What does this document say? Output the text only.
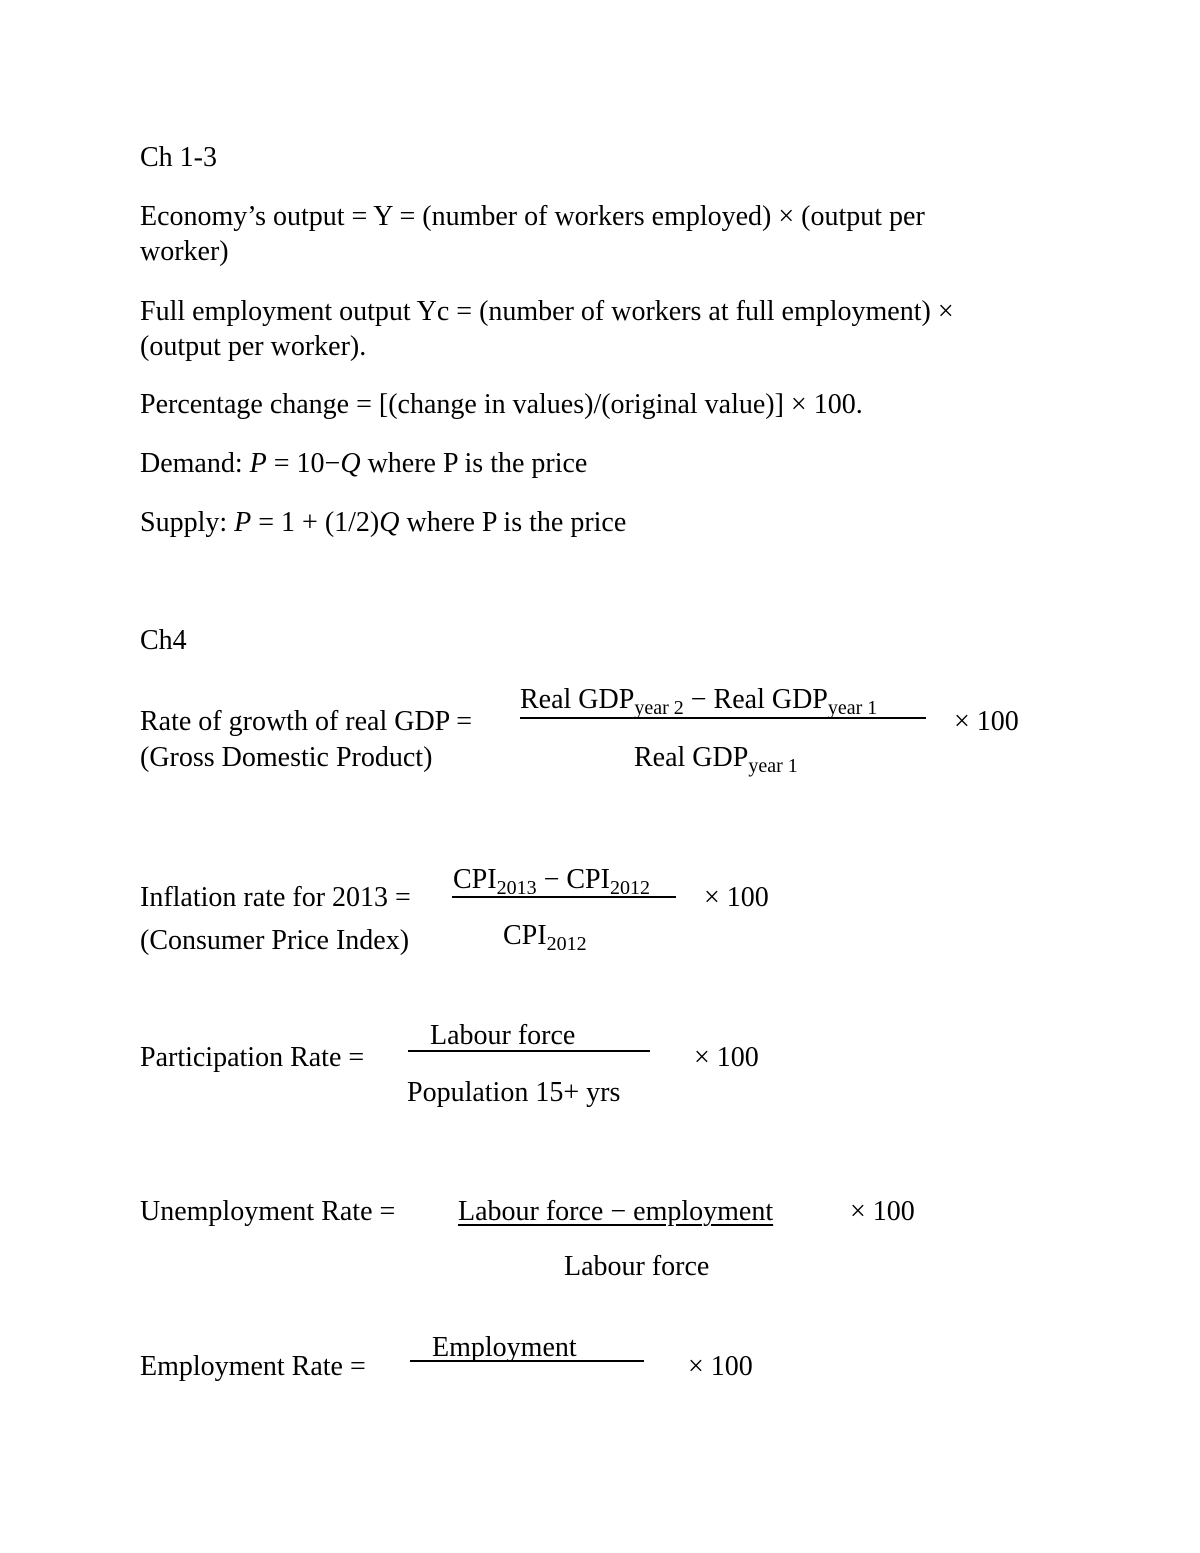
Ch 1-3
Economy’s output = Y = (number of workers employed) × (output per
worker)
Full employment output Yc = (number of workers at full employment) ×
(output per worker).
Percentage change = [(change in values)/(original value)] × 100.
Demand: P = 10−Q where P is the price
Supply: P = 1 + (1/2)Q where P is the price
Ch4
Rate of growth of real GDP =
(Gross Domestic Product)
Real $GDP_{year 2}$ − Real $GDP_{year 1}$
Real $GDP_{year 1}$
× 100
Inflation rate for 2013 =
(Consumer Price Index)
$CPI_{2013} - CPI_{2012}$
$CPI_{2012}$
× 100
Participation Rate =
Labour force
Population 15+ yrs
× 100
Unemployment Rate = Labour force − employment
Labour force
× 100
Employment Rate =
Employment
× 100
